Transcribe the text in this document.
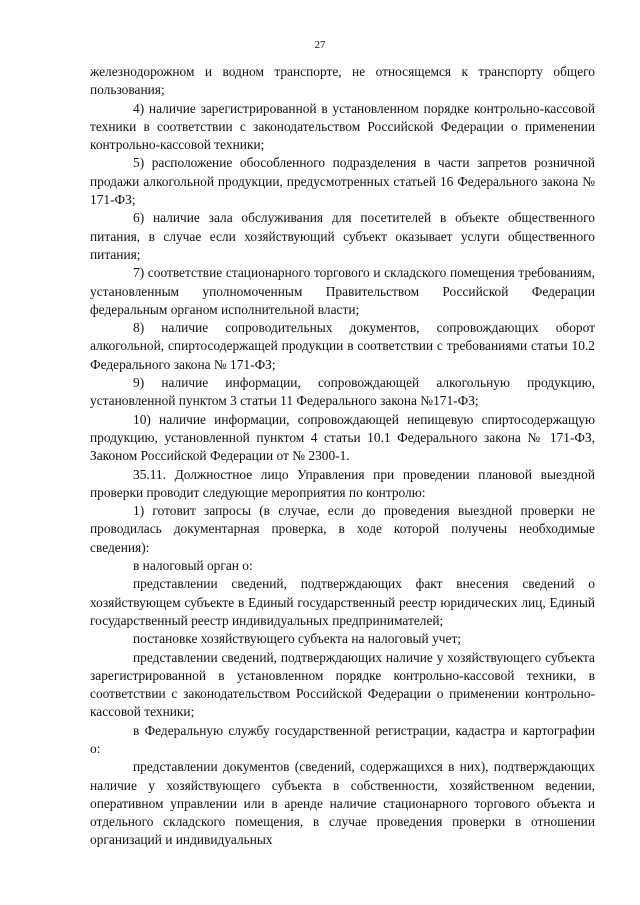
27

железнодорожном и водном транспорте, не относящемся к транспорту общего пользования;

4) наличие зарегистрированной в установленном порядке контрольно-кассовой техники в соответствии с законодательством Российской Федерации о применении контрольно-кассовой техники;

5) расположение обособленного подразделения в части запретов розничной продажи алкогольной продукции, предусмотренных статьей 16 Федерального закона № 171-ФЗ;

6) наличие зала обслуживания для посетителей в объекте общественного питания, в случае если хозяйствующий субъект оказывает услуги общественного питания;

7) соответствие стационарного торгового и складского помещения требованиям, установленным уполномоченным Правительством Российской Федерации федеральным органом исполнительной власти;

8) наличие сопроводительных документов, сопровождающих оборот алкогольной, спиртосодержащей продукции в соответствии с требованиями статьи 10.2 Федерального закона № 171-ФЗ;

9) наличие информации, сопровождающей алкогольную продукцию, установленной пунктом 3 статьи 11 Федерального закона №171-ФЗ;

10) наличие информации, сопровождающей непищевую спиртосодержащую продукцию, установленной пунктом 4 статьи 10.1 Федерального закона № 171-ФЗ, Законом Российской Федерации от № 2300-1.

35.11. Должностное лицо Управления при проведении плановой выездной проверки проводит следующие мероприятия по контролю:

1) готовит запросы (в случае, если до проведения выездной проверки не проводилась документарная проверка, в ходе которой получены необходимые сведения):

в налоговый орган о:

представлении сведений, подтверждающих факт внесения сведений о хозяйствующем субъекте в Единый государственный реестр юридических лиц, Единый государственный реестр индивидуальных предпринимателей;

постановке хозяйствующего субъекта на налоговый учет;

представлении сведений, подтверждающих наличие у хозяйствующего субъекта зарегистрированной в установленном порядке контрольно-кассовой техники, в соответствии с законодательством Российской Федерации о применении контрольно-кассовой техники;

в Федеральную службу государственной регистрации, кадастра и картографии о:

представлении документов (сведений, содержащихся в них), подтверждающих наличие у хозяйствующего субъекта в собственности, хозяйственном ведении, оперативном управлении или в аренде наличие стационарного торгового объекта и отдельного складского помещения, в случае проведения проверки в отношении организаций и индивидуальных
